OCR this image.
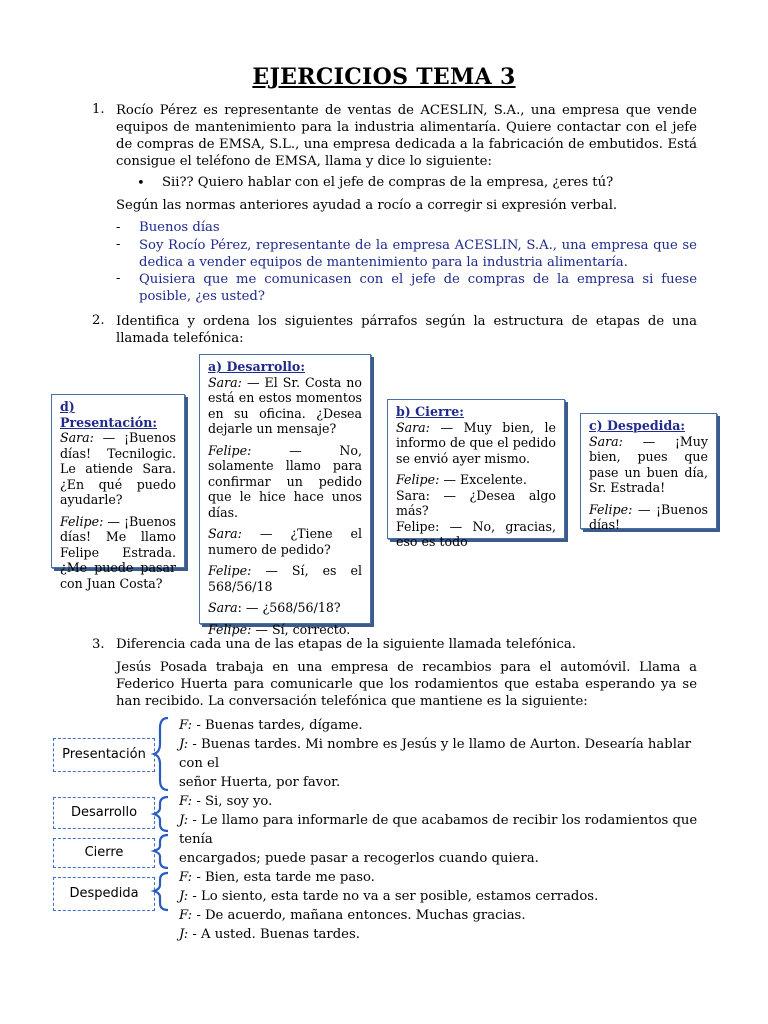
EJERCICIOS TEMA 3
1. Rocío Pérez es representante de ventas de ACESLIN, S.A., una empresa que vende equipos de mantenimiento para la industria alimentaría. Quiere contactar con el jefe de compras de EMSA, S.L., una empresa dedicada a la fabricación de embutidos. Está consigue el teléfono de EMSA, llama y dice lo siguiente:
• Sii?? Quiero hablar con el jefe de compras de la empresa, ¿eres tú?
Según las normas anteriores ayudad a rocío a corregir si expresión verbal.
- Buenos días
- Soy Rocío Pérez, representante de la empresa ACESLIN, S.A., una empresa que se dedica a vender equipos de mantenimiento para la industria alimentaría.
- Quisiera que me comunicasen con el jefe de compras de la empresa si fuese posible, ¿es usted?
2. Identifica y ordena los siguientes párrafos según la estructura de etapas de una llamada telefónica:
d) Presentación:

Sara: — ¡Buenos días! Tecnilogic. Le atiende Sara. ¿En qué puedo ayudarle?

Felipe: — ¡Buenos días! Me llamo Felipe Estrada. ¿Me puede pasar con Juan Costa?

a) Desarrollo:

Sara: — El Sr. Costa no está en estos momentos en su oficina. ¿Desea dejarle un mensaje?

Felipe:	— No, solamente llamo para confirmar un pedido que le hice hace unos días.

Sara: — ¿Tiene el numero de pedido?

Felipe: — Sí, es el 568/56/18

Sara: — ¿568/56/18?

Felipe: — Sí, correcto.

b) Cierre:

Sara: — Muy bien, le informo de que el pedido se envió ayer mismo.

Felipe: — Excelente.

Sara: — ¿Desea algo más?

Felipe: — No, gracias, eso es todo

c) Despedida:

Sara: — ¡Muy bien, pues que pase un buen día, Sr. Estrada!

Felipe: — ¡Buenos días!

3. Diferencia cada una de las etapas de la siguiente llamada telefónica.
Jesús Posada trabaja en una empresa de recambios para el automóvil. Llama a Federico Huerta para comunicarle que los rodamientos que estaba esperando ya se han recibido. La conversación telefónica que mantiene es la siguiente:
Presentación
Desarrollo
Cierre
Despedida
F: - Buenas tardes, dígame.
J: - Buenas tardes. Mi nombre es Jesús y le llamo de Aurton. Desearía hablar con el
señor Huerta, por favor.
F: - Si, soy yo.
J: - Le llamo para informarle de que acabamos de recibir los rodamientos que tenía
encargados; puede pasar a recogerlos cuando quiera.
F: - Bien, esta tarde me paso.
J: - Lo siento, esta tarde no va a ser posible, estamos cerrados.
F: - De acuerdo, mañana entonces. Muchas gracias.
J: - A usted. Buenas tardes.
